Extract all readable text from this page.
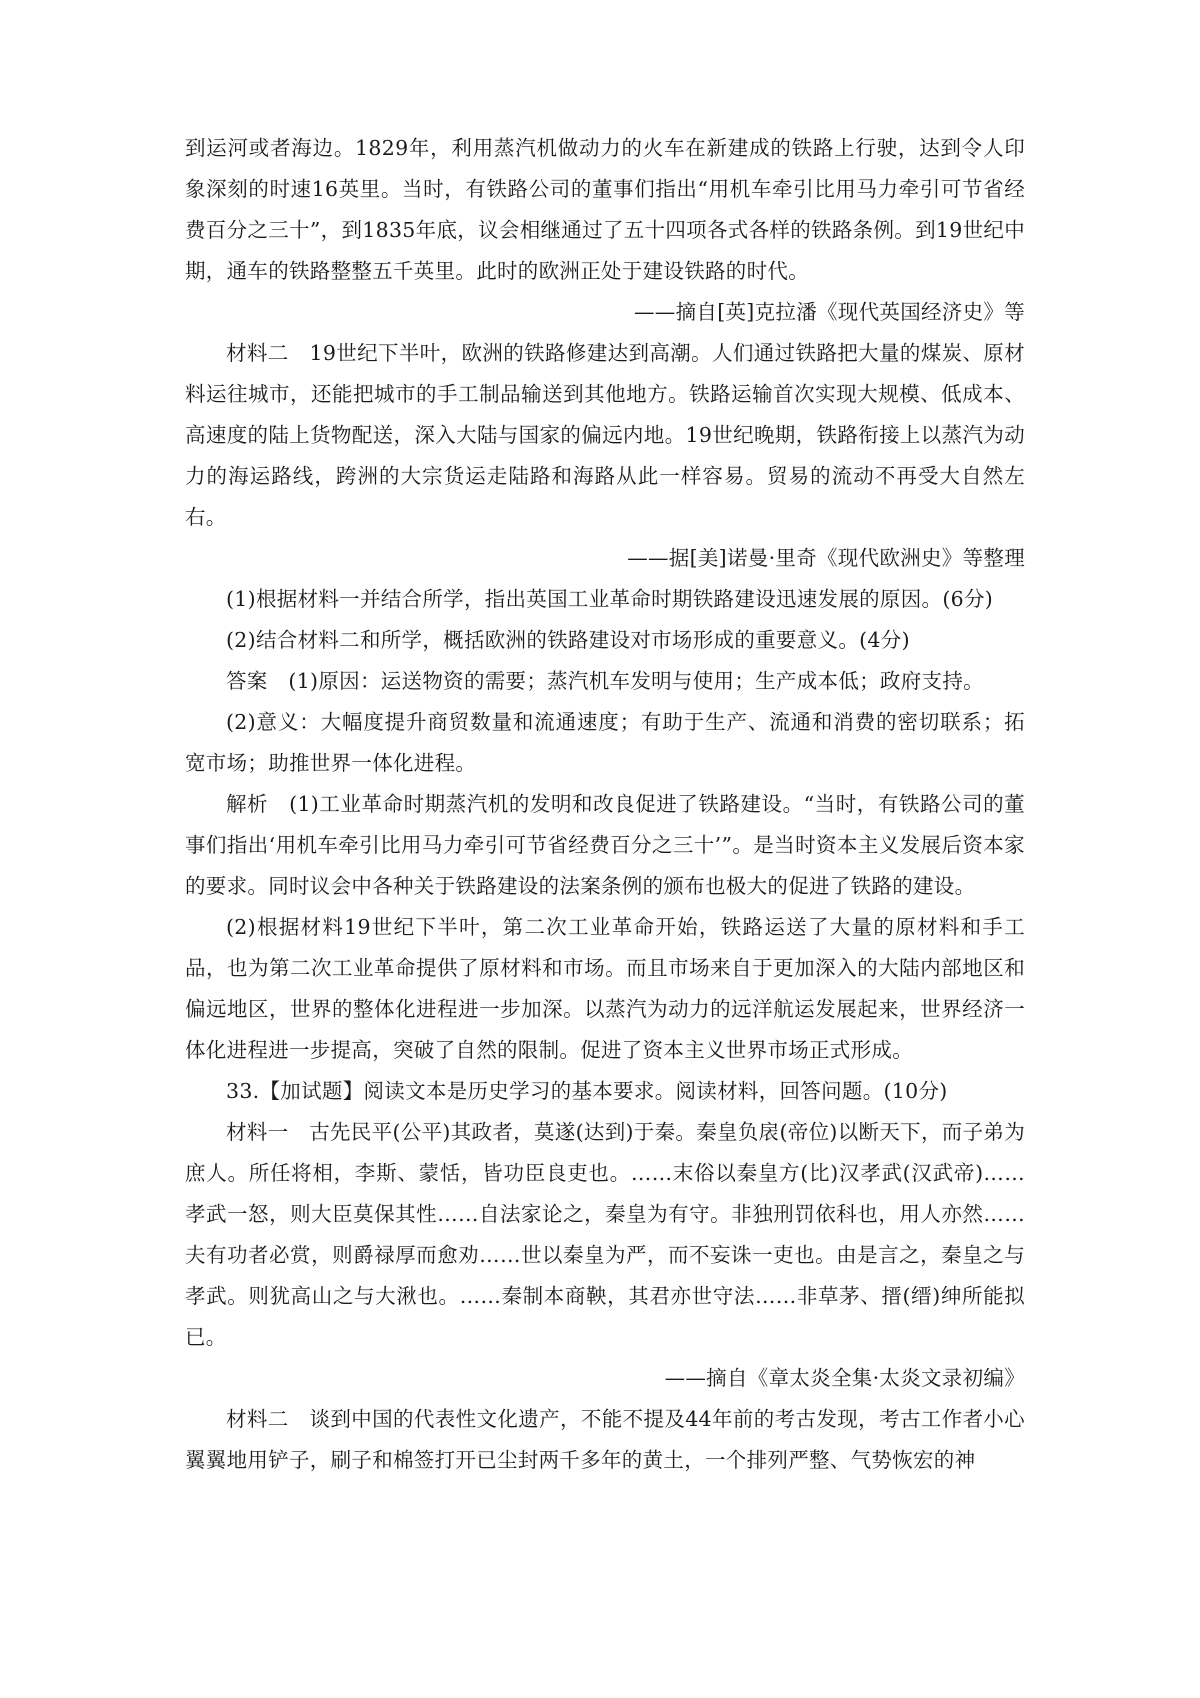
到运河或者海边。1829年，利用蒸汽机做动力的火车在新建成的铁路上行驶，达到令人印象深刻的时速16英里。当时，有铁路公司的董事们指出“用机车牵引比用马力牵引可节省经费百分之三十”，到1835年底，议会相继通过了五十四项各式各样的铁路条例。到19世纪中期，通车的铁路整整五千英里。此时的欧洲正处于建设铁路的时代。

——摘自[英]克拉潘《现代英国经济史》等

材料二　19世纪下半叶，欧洲的铁路修建达到高潮。人们通过铁路把大量的煤炭、原材料运往城市，还能把城市的手工制品输送到其他地方。铁路运输首次实现大规模、低成本、高速度的陆上货物配送，深入大陆与国家的偏远内地。19世纪晚期，铁路衔接上以蒸汽为动力的海运路线，跨洲的大宗货运走陆路和海路从此一样容易。贸易的流动不再受大自然左右。

——据[美]诺曼·里奇《现代欧洲史》等整理

(1)根据材料一并结合所学，指出英国工业革命时期铁路建设迅速发展的原因。(6分)

(2)结合材料二和所学，概括欧洲的铁路建设对市场形成的重要意义。(4分)

答案　(1)原因：运送物资的需要；蒸汽机车发明与使用；生产成本低；政府支持。

(2)意义：大幅度提升商贸数量和流通速度；有助于生产、流通和消费的密切联系；拓宽市场；助推世界一体化进程。

解析　(1)工业革命时期蒸汽机的发明和改良促进了铁路建设。“当时，有铁路公司的董事们指出‘用机车牵引比用马力牵引可节省经费百分之三十’”。是当时资本主义发展后资本家的要求。同时议会中各种关于铁路建设的法案条例的颁布也极大的促进了铁路的建设。

(2)根据材料19世纪下半叶，第二次工业革命开始，铁路运送了大量的原材料和手工品，也为第二次工业革命提供了原材料和市场。而且市场来自于更加深入的大陆内部地区和偏远地区，世界的整体化进程进一步加深。以蒸汽为动力的远洋航运发展起来，世界经济一体化进程进一步提高，突破了自然的限制。促进了资本主义世界市场正式形成。

33.【加试题】阅读文本是历史学习的基本要求。阅读材料，回答问题。(10分)

材料一　古先民平(公平)其政者，莫遂(达到)于秦。秦皇负扆(帝位)以断天下，而子弟为庶人。所任将相，李斯、蒙恬，皆功臣良吏也。……末俗以秦皇方(比)汉孝武(汉武帝)……孝武一怒，则大臣莫保其性……自法家论之，秦皇为有守。非独刑罚依科也，用人亦然……夫有功者必赏，则爵禄厚而愈劝……世以秦皇为严，而不妄诛一吏也。由是言之，秦皇之与孝武。则犹高山之与大湫也。……秦制本商鞅，其君亦世守法……非草茅、搢(缙)绅所能拟已。

——摘自《章太炎全集·太炎文录初编》

材料二　谈到中国的代表性文化遗产，不能不提及44年前的考古发现，考古工作者小心翼翼地用铲子，刷子和棉签打开已尘封两千多年的黄土，一个排列严整、气势恢宏的神
